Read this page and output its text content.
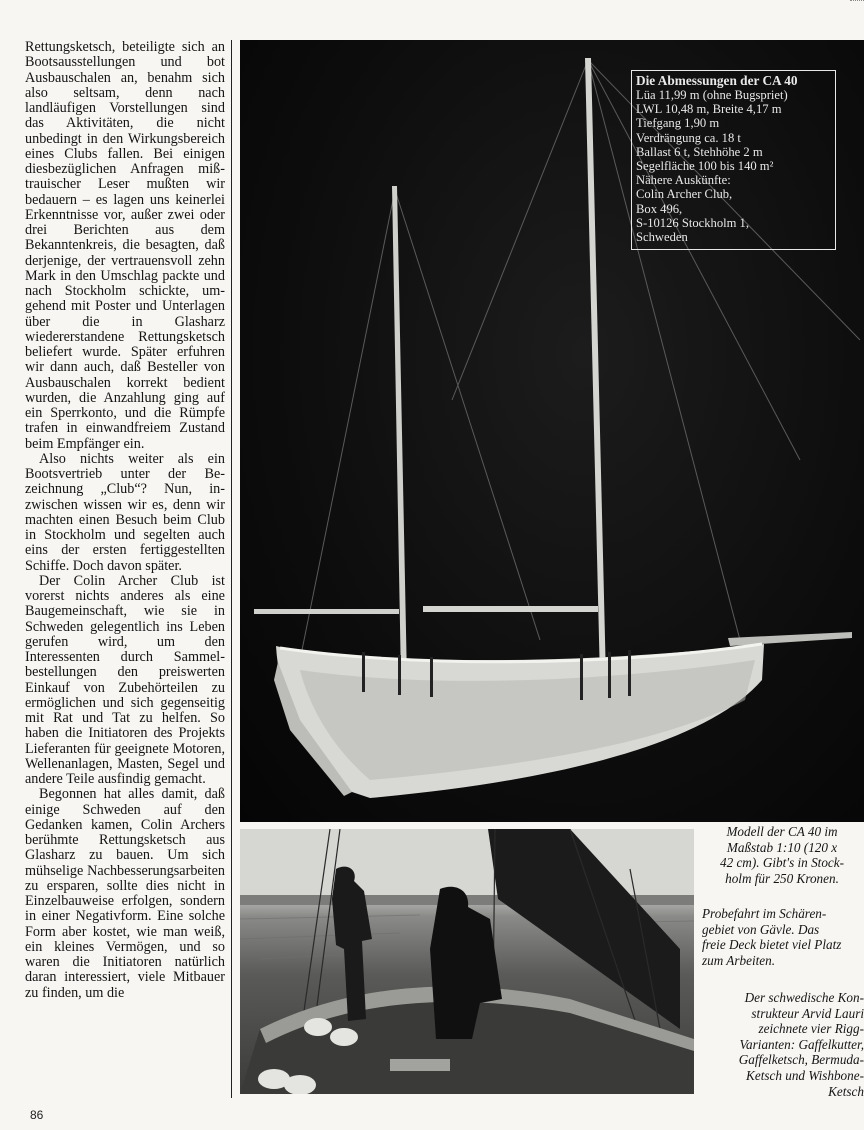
Rettungsketsch, beteiligte sich an Bootsausstellungen und bot Ausbauschalen an, benahm sich also seltsam, denn nach landläufigen Vorstellungen sind das Aktivitäten, die nicht unbedingt in den Wirkungsbereich eines Clubs fallen. Bei einigen diesbezüglichen Anfragen mißtrauischer Leser mußten wir bedauern – es lagen uns keinerlei Erkenntnisse vor, außer zwei oder drei Berichten aus dem Bekanntenkreis, die besagten, daß derjenige, der vertrauensvoll zehn Mark in den Umschlag packte und nach Stockholm schickte, umgehend mit Poster und Unterlagen über die in Glasharz wiedererstandene Rettungsketsch beliefert wurde. Später erfuhren wir dann auch, daß Besteller von Ausbauschalen korrekt bedient wurden, die Anzahlung ging auf ein Sperrkonto, und die Rümpfe trafen in einwandfreiem Zustand beim Empfänger ein.

Also nichts weiter als ein Bootsvertrieb unter der Bezeichnung „Club“? Nun, inzwischen wissen wir es, denn wir machten einen Besuch beim Club in Stockholm und segelten auch eins der ersten fertiggestellten Schiffe. Doch davon später.

Der Colin Archer Club ist vorerst nichts anderes als eine Baugemeinschaft, wie sie in Schweden gelegentlich ins Leben gerufen wird, um den Interessenten durch Sammelbestellungen den preiswerten Einkauf von Zubehörteilen zu ermöglichen und sich gegenseitig mit Rat und Tat zu helfen. So haben die Initiatoren des Projekts Lieferanten für geeignete Motoren, Wellenanlagen, Masten, Segel und andere Teile ausfindig gemacht.

Begonnen hat alles damit, daß einige Schweden auf den Gedanken kamen, Colin Archers berühmte Rettungsketsch aus Glasharz zu bauen. Um sich mühselige Nachbesserungsarbeiten zu ersparen, sollte dies nicht in Einzelbauweise erfolgen, sondern in einer Negativform. Eine solche Form aber kostet, wie man weiß, ein kleines Vermögen, und so waren die Initiatoren natürlich daran interessiert, viele Mitbauer zu finden, um die

Die Abmessungen der CA 40
Lüa 11,99 m (ohne Bugspriet)
LWL 10,48 m, Breite 4,17 m
Tiefgang 1,90 m
Verdrängung ca. 18 t
Ballast 6 t, Stehhöhe 2 m
Segelfläche 100 bis 140 m²
Nähere Auskünfte:
Colin Archer Club,
Box 496,
S-10126 Stockholm 1,
Schweden
Modell der CA 40 im
Maßstab 1:10 (120 x
42 cm). Gibt's in Stock-
holm für 250 Kronen.
Probefahrt im Schären-
gebiet von Gävle. Das
freie Deck bietet viel Platz
zum Arbeiten.
Der schwedische Kon-
strukteur Arvid Lauri
zeichnete vier Rigg-
Varianten: Gaffelkutter,
Gaffelketsch, Bermuda-
Ketsch und Wishbone-
Ketsch
86
